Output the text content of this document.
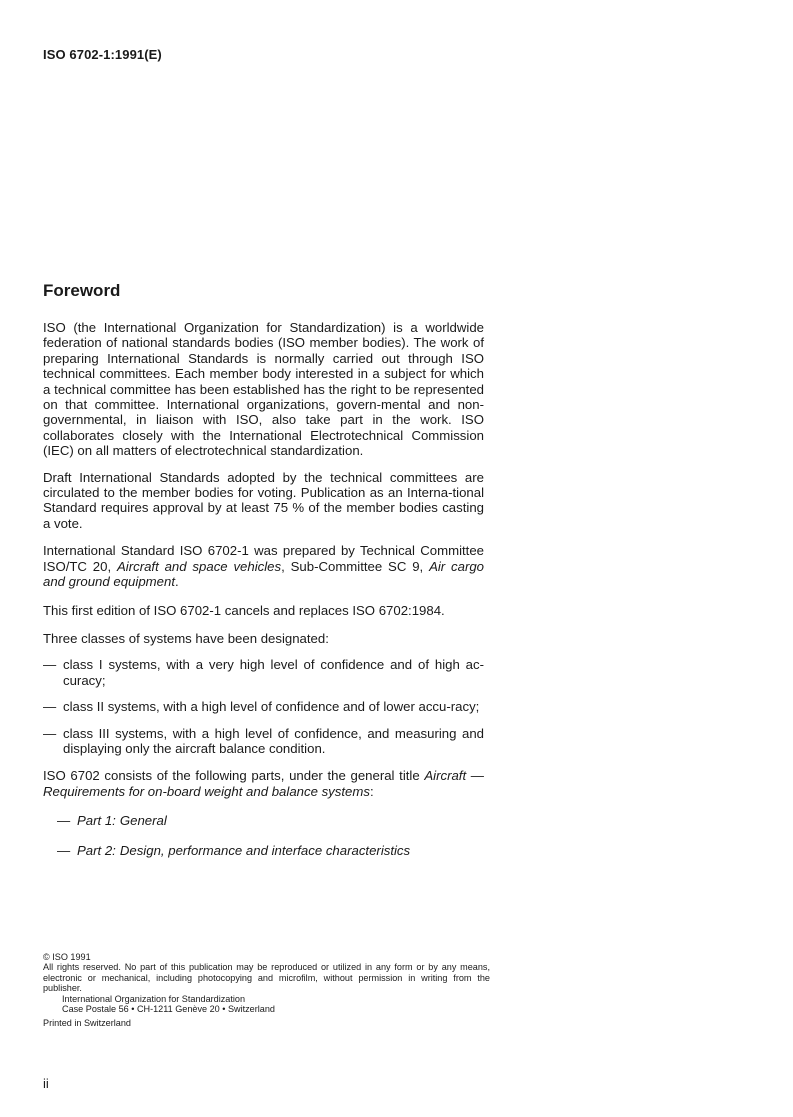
ISO 6702-1:1991(E)
Foreword

ISO (the International Organization for Standardization) is a worldwide federation of national standards bodies (ISO member bodies). The work of preparing International Standards is normally carried out through ISO technical committees. Each member body interested in a subject for which a technical committee has been established has the right to be represented on that committee. International organizations, govern-mental and non-governmental, in liaison with ISO, also take part in the work. ISO collaborates closely with the International Electrotechnical Commission (IEC) on all matters of electrotechnical standardization.

Draft International Standards adopted by the technical committees are circulated to the member bodies for voting. Publication as an Interna-tional Standard requires approval by at least 75 % of the member bodies casting a vote.

International Standard ISO 6702-1 was prepared by Technical Committee ISO/TC 20, Aircraft and space vehicles, Sub-Committee SC 9, Air cargo and ground equipment.

This first edition of ISO 6702-1 cancels and replaces ISO 6702:1984.

Three classes of systems have been designated:

— class I systems, with a very high level of confidence and of high ac-curacy;
— class II systems, with a high level of confidence and of lower accu-racy;
— class III systems, with a high level of confidence, and measuring and displaying only the aircraft balance condition.

ISO 6702 consists of the following parts, under the general title Aircraft — Requirements for on-board weight and balance systems:

— Part 1: General
— Part 2: Design, performance and interface characteristics
© ISO 1991
All rights reserved. No part of this publication may be reproduced or utilized in any form or by any means, electronic or mechanical, including photocopying and microfilm, without permission in writing from the publisher.
International Organization for Standardization
Case Postale 56 • CH-1211 Genève 20 • Switzerland
Printed in Switzerland
ii
